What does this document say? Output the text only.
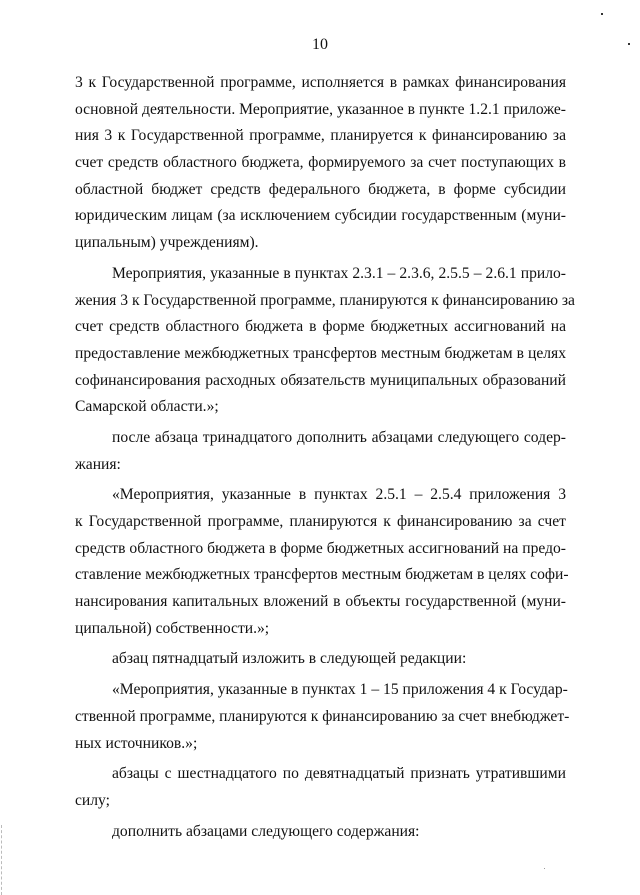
10
3 к Государственной программе, исполняется в рамках финансирования
основной деятельности. Мероприятие, указанное в пункте 1.2.1 приложе-
ния 3 к Государственной программе, планируется к финансированию за
счет средств областного бюджета, формируемого за счет поступающих в
областной бюджет средств федерального бюджета, в форме субсидии
юридическим лицам (за исключением субсидии государственным (муни-
ципальным) учреждениям).
Мероприятия, указанные в пунктах 2.3.1 – 2.3.6, 2.5.5 – 2.6.1 прило-
жения 3 к Государственной программе, планируются к финансированию за
счет средств областного бюджета в форме бюджетных ассигнований на
предоставление межбюджетных трансфертов местным бюджетам в целях
софинансирования расходных обязательств муниципальных образований
Самарской области.»;
после абзаца тринадцатого дополнить абзацами следующего содер-
жания:
«Мероприятия, указанные в пунктах 2.5.1 – 2.5.4 приложения 3
к Государственной программе, планируются к финансированию за счет
средств областного бюджета в форме бюджетных ассигнований на предо-
ставление межбюджетных трансфертов местным бюджетам в целях софи-
нансирования капитальных вложений в объекты государственной (муни-
ципальной) собственности.»;
абзац пятнадцатый изложить в следующей редакции:
«Мероприятия, указанные в пунктах 1 – 15 приложения 4 к Государ-
ственной программе, планируются к финансированию за счет внебюджет-
ных источников.»;
абзацы с шестнадцатого по девятнадцатый признать утратившими
силу;
дополнить абзацами следующего содержания:
